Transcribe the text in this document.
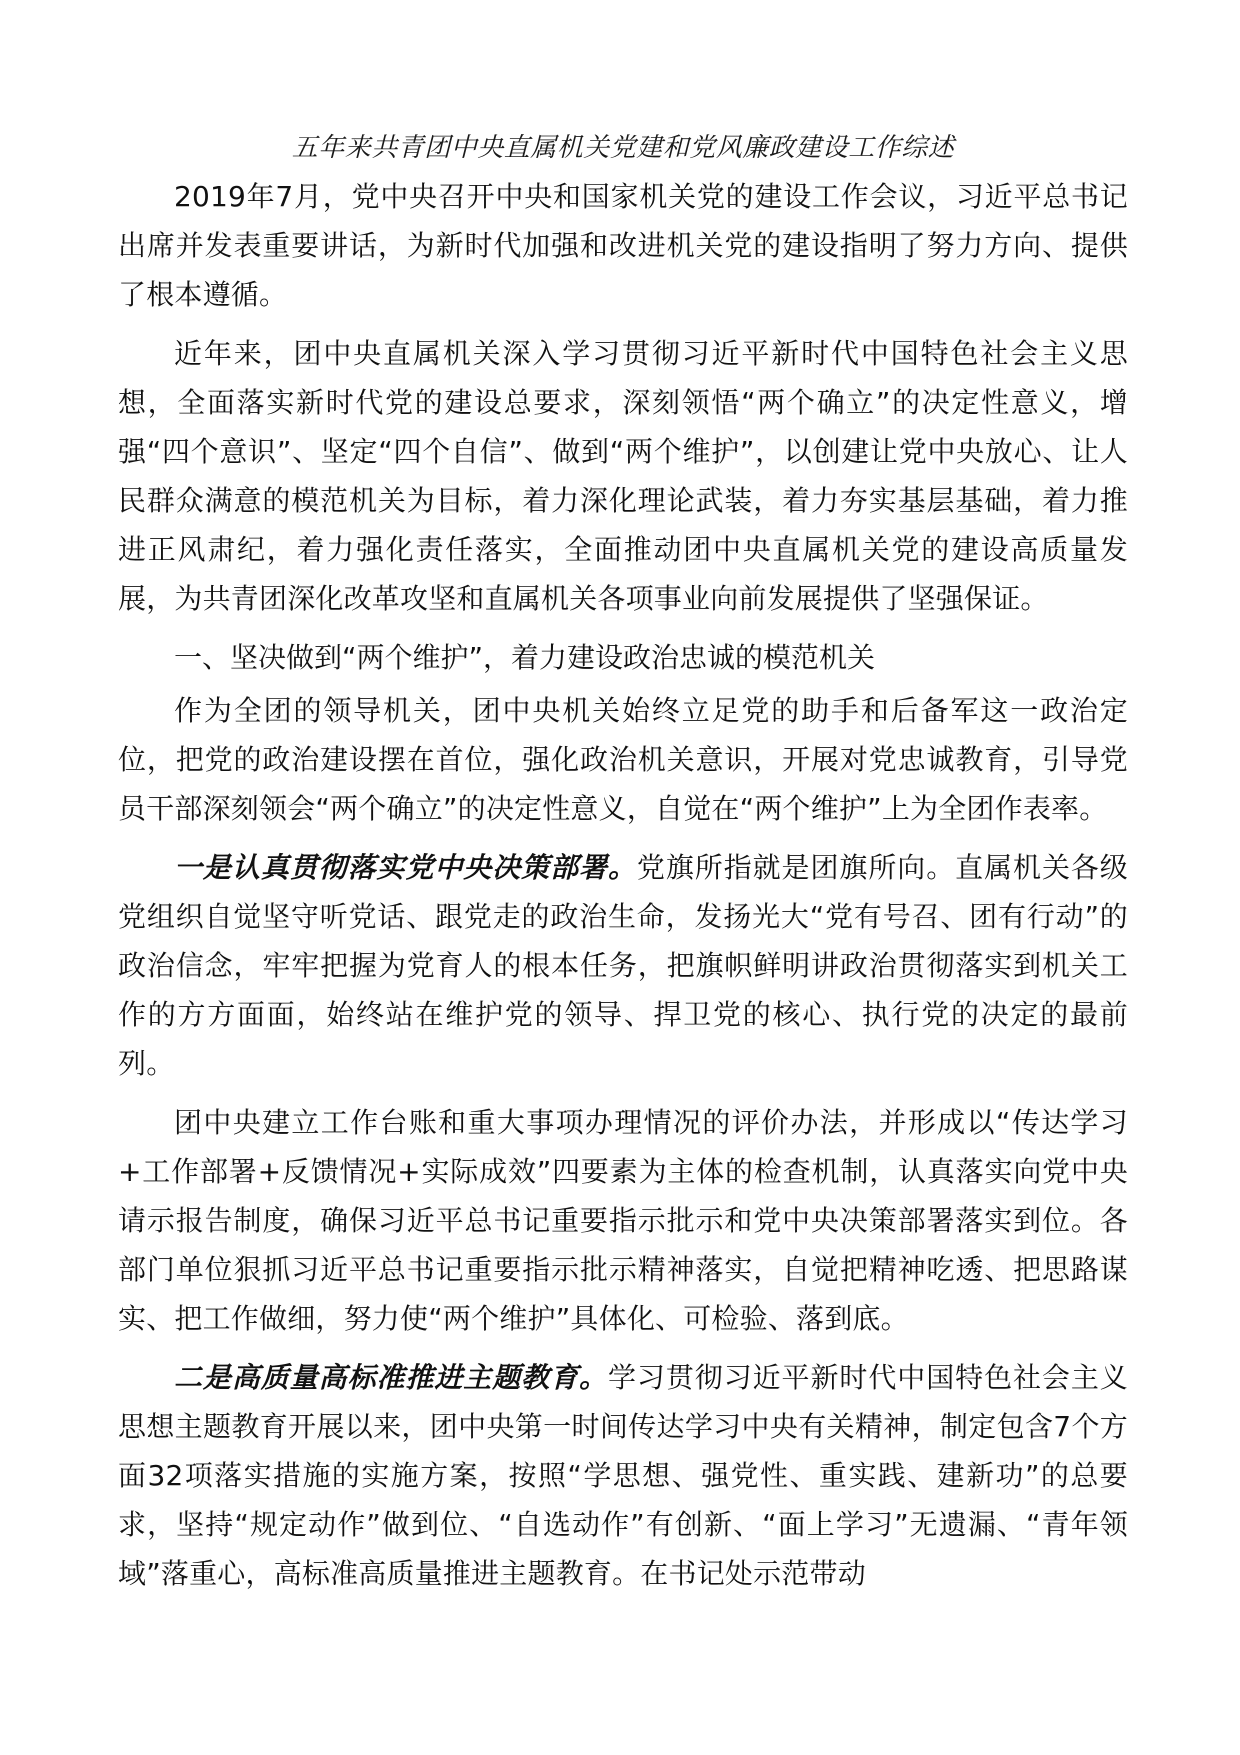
五年来共青团中央直属机关党建和党风廉政建设工作综述

2019年7月，党中央召开中央和国家机关党的建设工作会议，习近平总书记出席并发表重要讲话，为新时代加强和改进机关党的建设指明了努力方向、提供了根本遵循。

近年来，团中央直属机关深入学习贯彻习近平新时代中国特色社会主义思想，全面落实新时代党的建设总要求，深刻领悟“两个确立”的决定性意义，增强“四个意识”、坚定“四个自信”、做到“两个维护”，以创建让党中央放心、让人民群众满意的模范机关为目标，着力深化理论武装，着力夯实基层基础，着力推进正风肃纪，着力强化责任落实，全面推动团中央直属机关党的建设高质量发展，为共青团深化改革攻坚和直属机关各项事业向前发展提供了坚强保证。

一、坚决做到“两个维护”，着力建设政治忠诚的模范机关

作为全团的领导机关，团中央机关始终立足党的助手和后备军这一政治定位，把党的政治建设摆在首位，强化政治机关意识，开展对党忠诚教育，引导党员干部深刻领会“两个确立”的决定性意义，自觉在“两个维护”上为全团作表率。

一是认真贯彻落实党中央决策部署。党旗所指就是团旗所向。直属机关各级党组织自觉坚守听党话、跟党走的政治生命，发扬光大“党有号召、团有行动”的政治信念，牢牢把握为党育人的根本任务，把旗帜鲜明讲政治贯彻落实到机关工作的方方面面，始终站在维护党的领导、捍卫党的核心、执行党的决定的最前列。

团中央建立工作台账和重大事项办理情况的评价办法，并形成以“传达学习+工作部署+反馈情况+实际成效”四要素为主体的检查机制，认真落实向党中央请示报告制度，确保习近平总书记重要指示批示和党中央决策部署落实到位。各部门单位狠抓习近平总书记重要指示批示精神落实，自觉把精神吃透、把思路谋实、把工作做细，努力使“两个维护”具体化、可检验、落到底。

二是高质量高标准推进主题教育。学习贯彻习近平新时代中国特色社会主义思想主题教育开展以来，团中央第一时间传达学习中央有关精神，制定包含7个方面32项落实措施的实施方案，按照“学思想、强党性、重实践、建新功”的总要求，坚持“规定动作”做到位、“自选动作”有创新、“面上学习”无遗漏、“青年领域”落重心，高标准高质量推进主题教育。在书记处示范带动
